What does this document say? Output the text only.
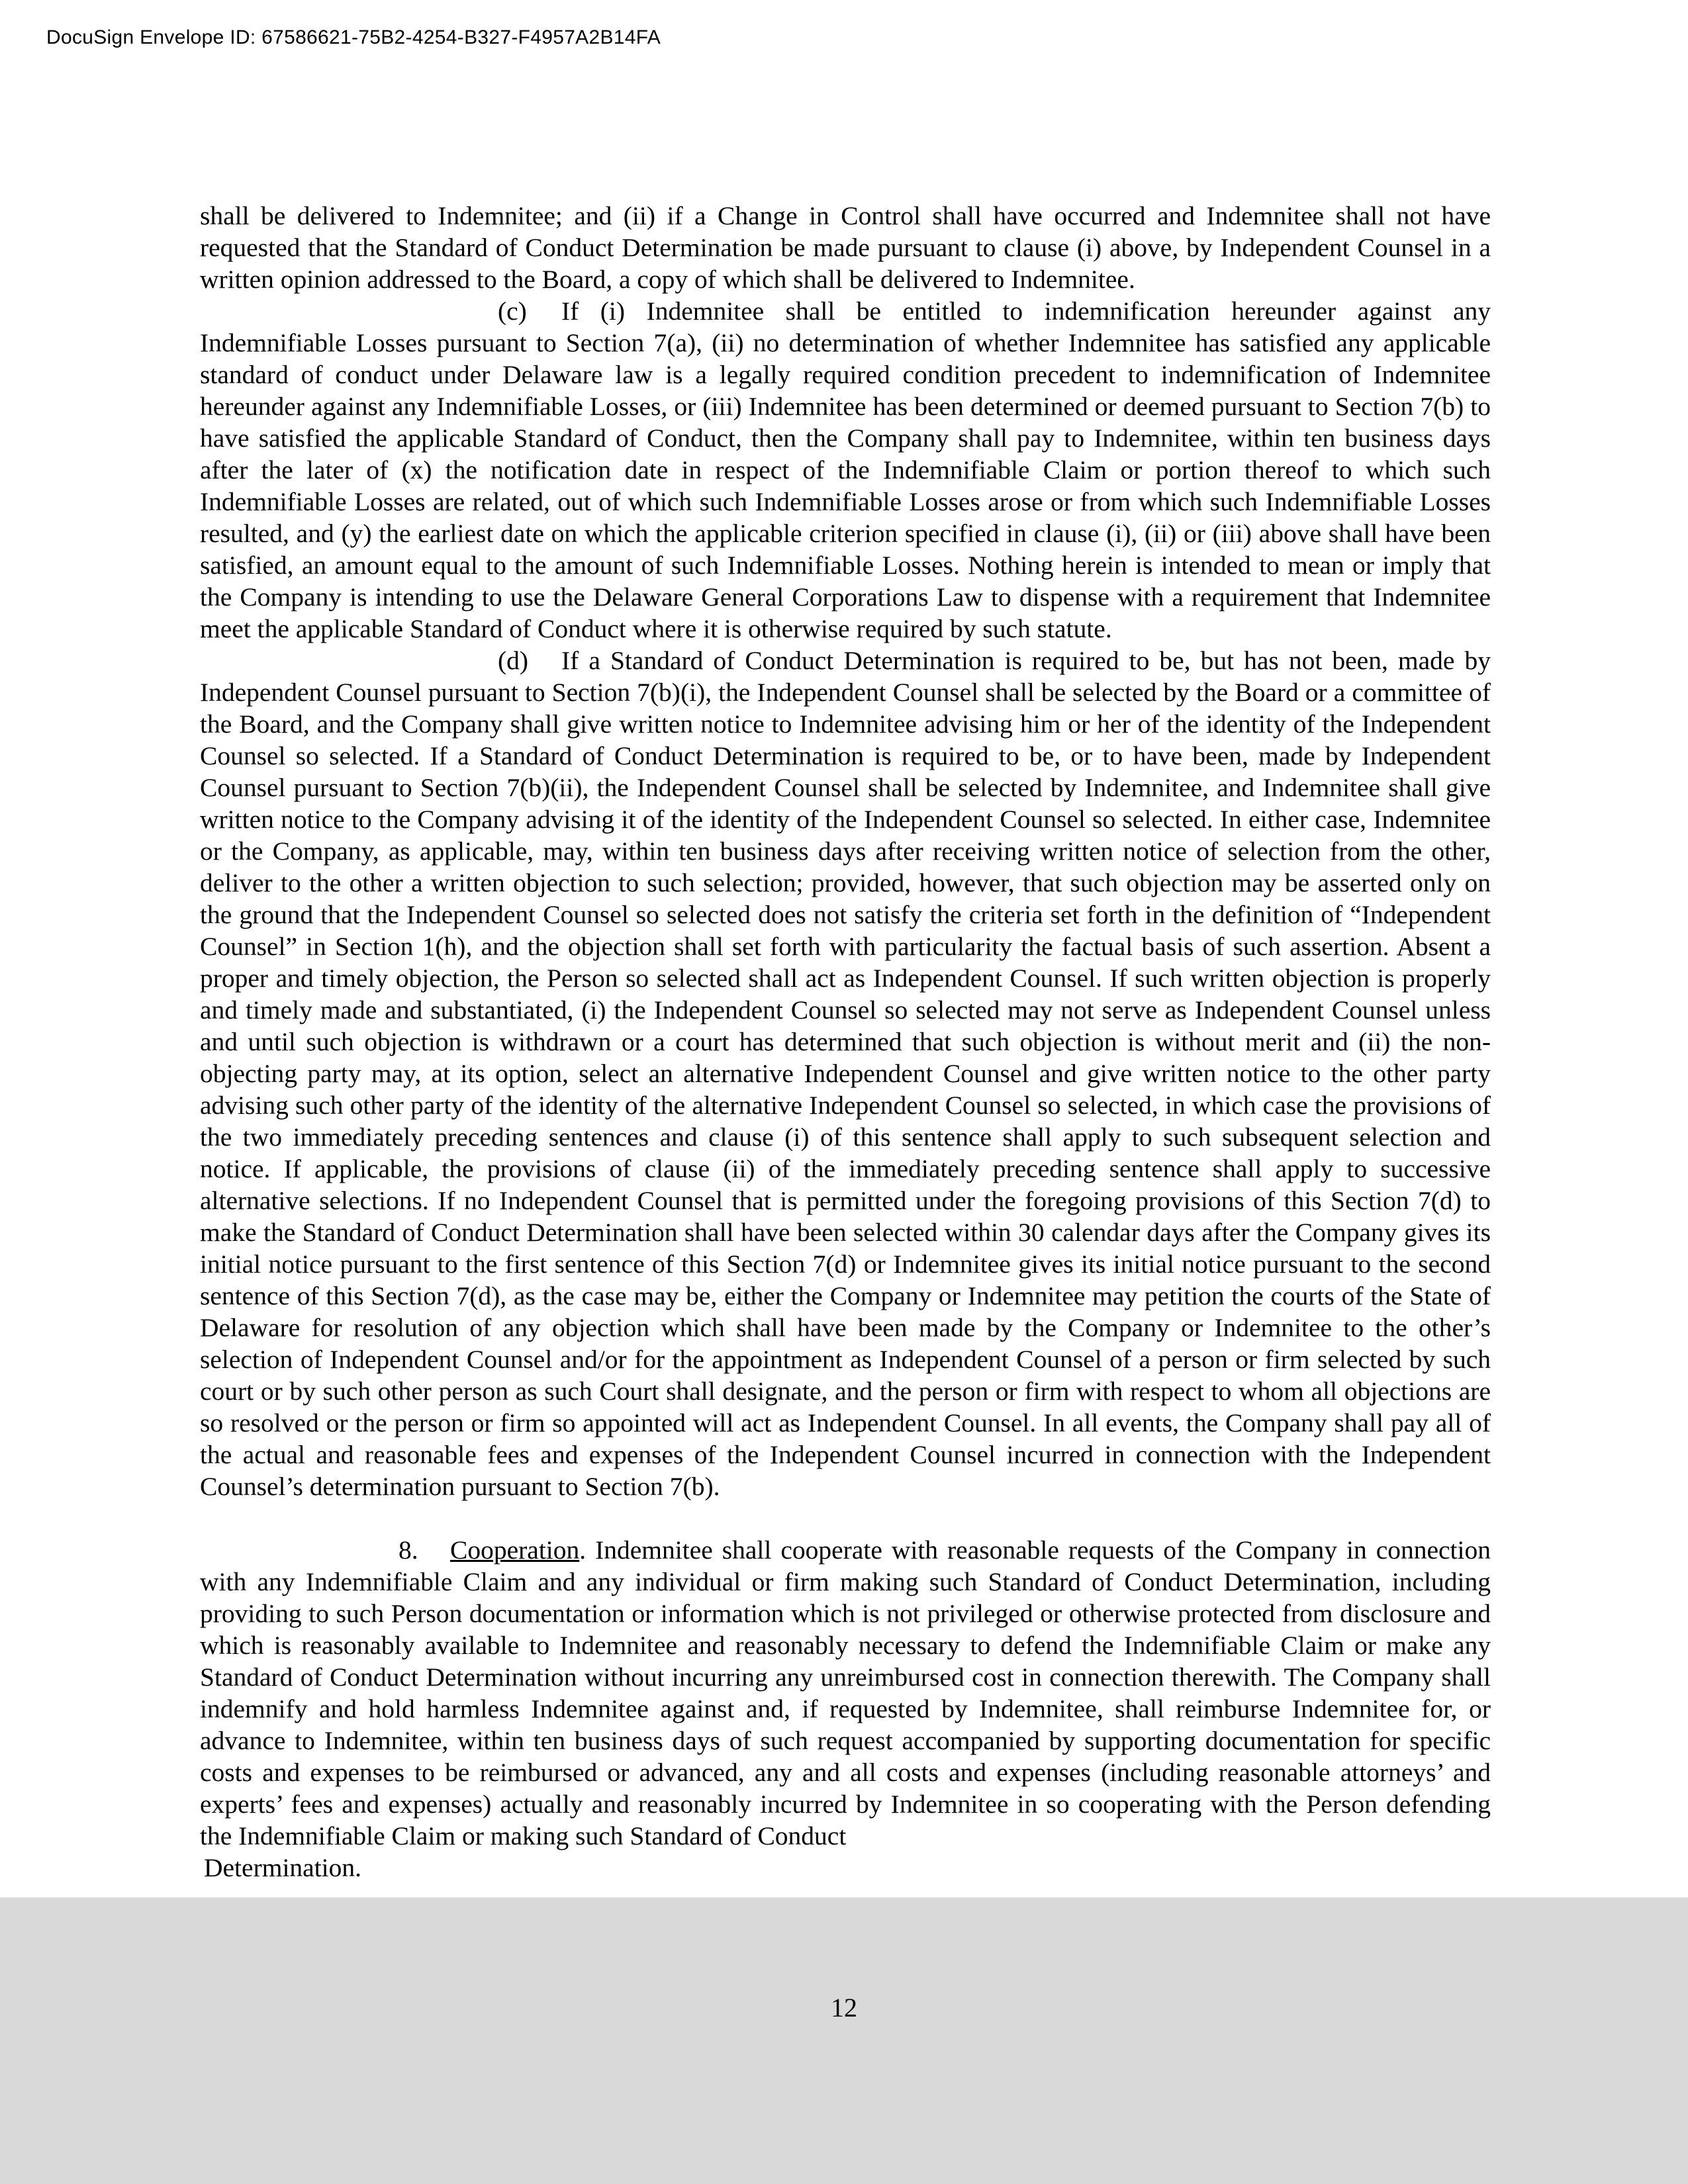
DocuSign Envelope ID: 67586621-75B2-4254-B327-F4957A2B14FA

shall be delivered to Indemnitee; and (ii) if a Change in Control shall have occurred and Indemnitee shall not have requested that the Standard of Conduct Determination be made pursuant to clause (i) above, by Independent Counsel in a written opinion addressed to the Board, a copy of which shall be delivered to Indemnitee.

(c) If (i) Indemnitee shall be entitled to indemnification hereunder against any Indemnifiable Losses pursuant to Section 7(a), (ii) no determination of whether Indemnitee has satisfied any applicable standard of conduct under Delaware law is a legally required condition precedent to indemnification of Indemnitee hereunder against any Indemnifiable Losses, or (iii) Indemnitee has been determined or deemed pursuant to Section 7(b) to have satisfied the applicable Standard of Conduct, then the Company shall pay to Indemnitee, within ten business days after the later of (x) the notification date in respect of the Indemnifiable Claim or portion thereof to which such Indemnifiable Losses are related, out of which such Indemnifiable Losses arose or from which such Indemnifiable Losses resulted, and (y) the earliest date on which the applicable criterion specified in clause (i), (ii) or (iii) above shall have been satisfied, an amount equal to the amount of such Indemnifiable Losses. Nothing herein is intended to mean or imply that the Company is intending to use the Delaware General Corporations Law to dispense with a requirement that Indemnitee meet the applicable Standard of Conduct where it is otherwise required by such statute.

(d) If a Standard of Conduct Determination is required to be, but has not been, made by Independent Counsel pursuant to Section 7(b)(i), the Independent Counsel shall be selected by the Board or a committee of the Board, and the Company shall give written notice to Indemnitee advising him or her of the identity of the Independent Counsel so selected. If a Standard of Conduct Determination is required to be, or to have been, made by Independent Counsel pursuant to Section 7(b)(ii), the Independent Counsel shall be selected by Indemnitee, and Indemnitee shall give written notice to the Company advising it of the identity of the Independent Counsel so selected. In either case, Indemnitee or the Company, as applicable, may, within ten business days after receiving written notice of selection from the other, deliver to the other a written objection to such selection; provided, however, that such objection may be asserted only on the ground that the Independent Counsel so selected does not satisfy the criteria set forth in the definition of “Independent Counsel” in Section 1(h), and the objection shall set forth with particularity the factual basis of such assertion. Absent a proper and timely objection, the Person so selected shall act as Independent Counsel. If such written objection is properly and timely made and substantiated, (i) the Independent Counsel so selected may not serve as Independent Counsel unless and until such objection is withdrawn or a court has determined that such objection is without merit and (ii) the non-objecting party may, at its option, select an alternative Independent Counsel and give written notice to the other party advising such other party of the identity of the alternative Independent Counsel so selected, in which case the provisions of the two immediately preceding sentences and clause (i) of this sentence shall apply to such subsequent selection and notice. If applicable, the provisions of clause (ii) of the immediately preceding sentence shall apply to successive alternative selections. If no Independent Counsel that is permitted under the foregoing provisions of this Section 7(d) to make the Standard of Conduct Determination shall have been selected within 30 calendar days after the Company gives its initial notice pursuant to the first sentence of this Section 7(d) or Indemnitee gives its initial notice pursuant to the second sentence of this Section 7(d), as the case may be, either the Company or Indemnitee may petition the courts of the State of Delaware for resolution of any objection which shall have been made by the Company or Indemnitee to the other’s selection of Independent Counsel and/or for the appointment as Independent Counsel of a person or firm selected by such court or by such other person as such Court shall designate, and the person or firm with respect to whom all objections are so resolved or the person or firm so appointed will act as Independent Counsel. In all events, the Company shall pay all of the actual and reasonable fees and expenses of the Independent Counsel incurred in connection with the Independent Counsel’s determination pursuant to Section 7(b).

8. Cooperation. Indemnitee shall cooperate with reasonable requests of the Company in connection with any Indemnifiable Claim and any individual or firm making such Standard of Conduct Determination, including providing to such Person documentation or information which is not privileged or otherwise protected from disclosure and which is reasonably available to Indemnitee and reasonably necessary to defend the Indemnifiable Claim or make any Standard of Conduct Determination without incurring any unreimbursed cost in connection therewith. The Company shall indemnify and hold harmless Indemnitee against and, if requested by Indemnitee, shall reimburse Indemnitee for, or advance to Indemnitee, within ten business days of such request accompanied by supporting documentation for specific costs and expenses to be reimbursed or advanced, any and all costs and expenses (including reasonable attorneys’ and experts’ fees and expenses) actually and reasonably incurred by Indemnitee in so cooperating with the Person defending the Indemnifiable Claim or making such Standard of Conduct

Determination.

12
